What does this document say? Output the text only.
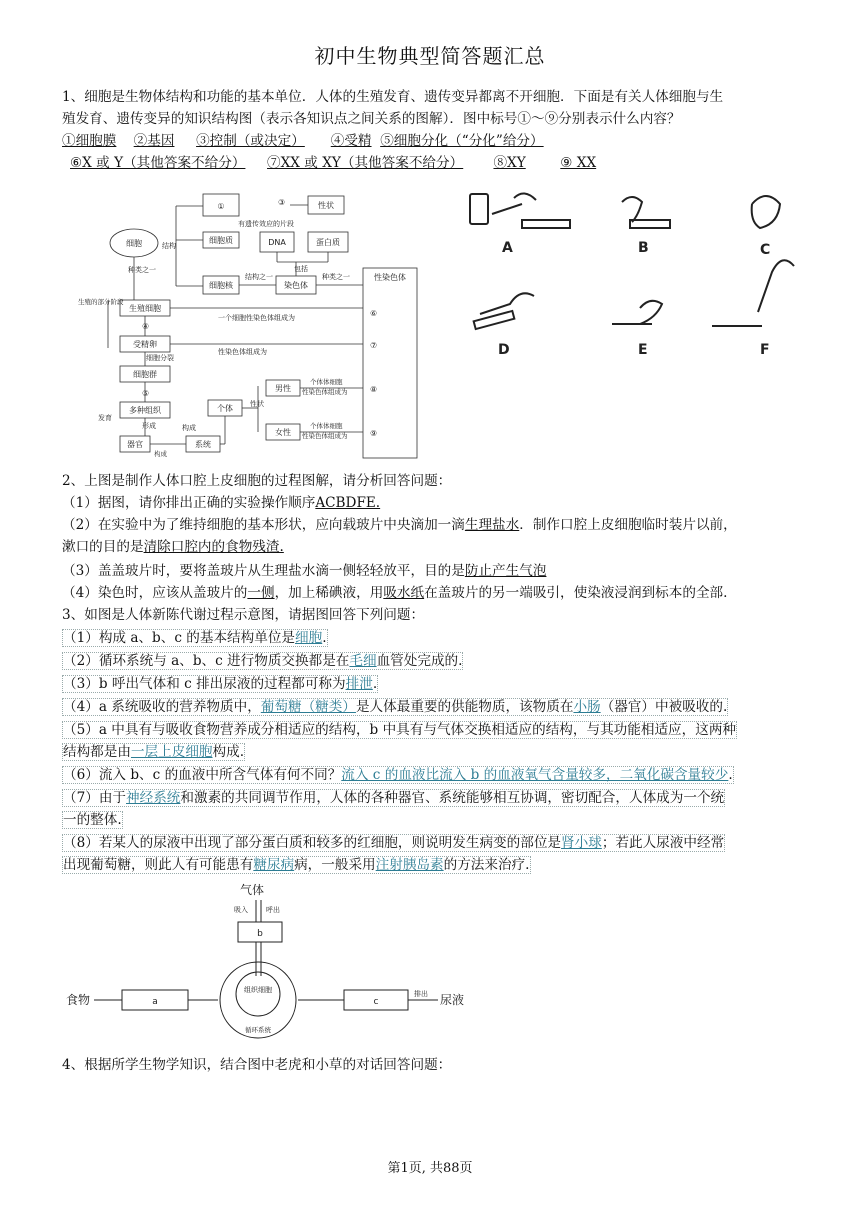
初中生物典型简答题汇总
1、细胞是生物体结构和功能的基本单位．人体的生殖发育、遗传变异都离不开细胞．下面是有关人体细胞与生
殖发育、遗传变异的知识结构图（表示各知识点之间关系的图解）．图中标号①～⑨分别表示什么内容？
①细胞膜 ②基因 ③控制（或决定） ④受精 ⑤细胞分化（“分化”给分）
⑥X 或 Y（其他答案不给分） ⑦XX 或 XY（其他答案不给分） ⑧XY	⑨ XX
细胞	结构
①
细胞质
细胞核
结构之一
染色体
种类之一
DNA	蛋白质
包括
③	性状
有遗传效应的片段
性染色体
种类之一
生殖的部分阶段
生殖细胞
④
受精卵
细胞分裂
细胞群
⑤
多种组织
形成
器官
构成
系统
构成
个体
发育
性状
男性
女性
个体体细胞
性染色体组成为
个体体细胞
性染色体组成为
一个细胞性染色体组成为	⑥
性染色体组成为
⑦
⑧
⑨
A	B	C
D	E	F
2、上图是制作人体口腔上皮细胞的过程图解，请分析回答问题：
（1）据图，请你排出正确的实验操作顺序ACBDFE.
（2）在实验中为了维持细胞的基本形状，应向载玻片中央滴加一滴生理盐水．制作口腔上皮细胞临时装片以前，
漱口的目的是清除口腔内的食物残渣.
（3）盖盖玻片时，要将盖玻片从生理盐水滴一侧轻轻放平，目的是防止产生气泡
（4）染色时，应该从盖玻片的一侧，加上稀碘液，用吸水纸在盖玻片的另一端吸引，使染液浸润到标本的全部.
3、如图是人体新陈代谢过程示意图，请据图回答下列问题：
（1）构成 a、b、c 的基本结构单位是细胞.
（2）循环系统与 a、b、c 进行物质交换都是在毛细血管处完成的.
（3）b 呼出气体和 c 排出尿液的过程都可称为排泄.
（4）a 系统吸收的营养物质中，葡萄糖（糖类）是人体最重要的供能物质，该物质在小肠（器官）中被吸收的.
（5）a 中具有与吸收食物营养成分相适应的结构，b 中具有与气体交换相适应的结构，与其功能相适应，这两种
结构都是由一层上皮细胞构成.
（6）流入 b、c 的血液中所含气体有何不同？流入 c 的血液比流入 b 的血液氧气含量较多，二氧化碳含量较少.
（7）由于神经系统和激素的共同调节作用，人体的各种器官、系统能够相互协调，密切配合，人体成为一个统
一的整体.
（8）若某人的尿液中出现了部分蛋白质和较多的红细胞，则说明发生病变的部位是肾小球；若此人尿液中经常
出现葡萄糖，则此人有可能患有糖尿病病，一般采用注射胰岛素的方法来治疗.
气体
吸入	呼出
b
食物	a
组织细胞
循环系统
c
排出 尿液
4、根据所学生物学知识，结合图中老虎和小草的对话回答问题：
第1页, 共88页
